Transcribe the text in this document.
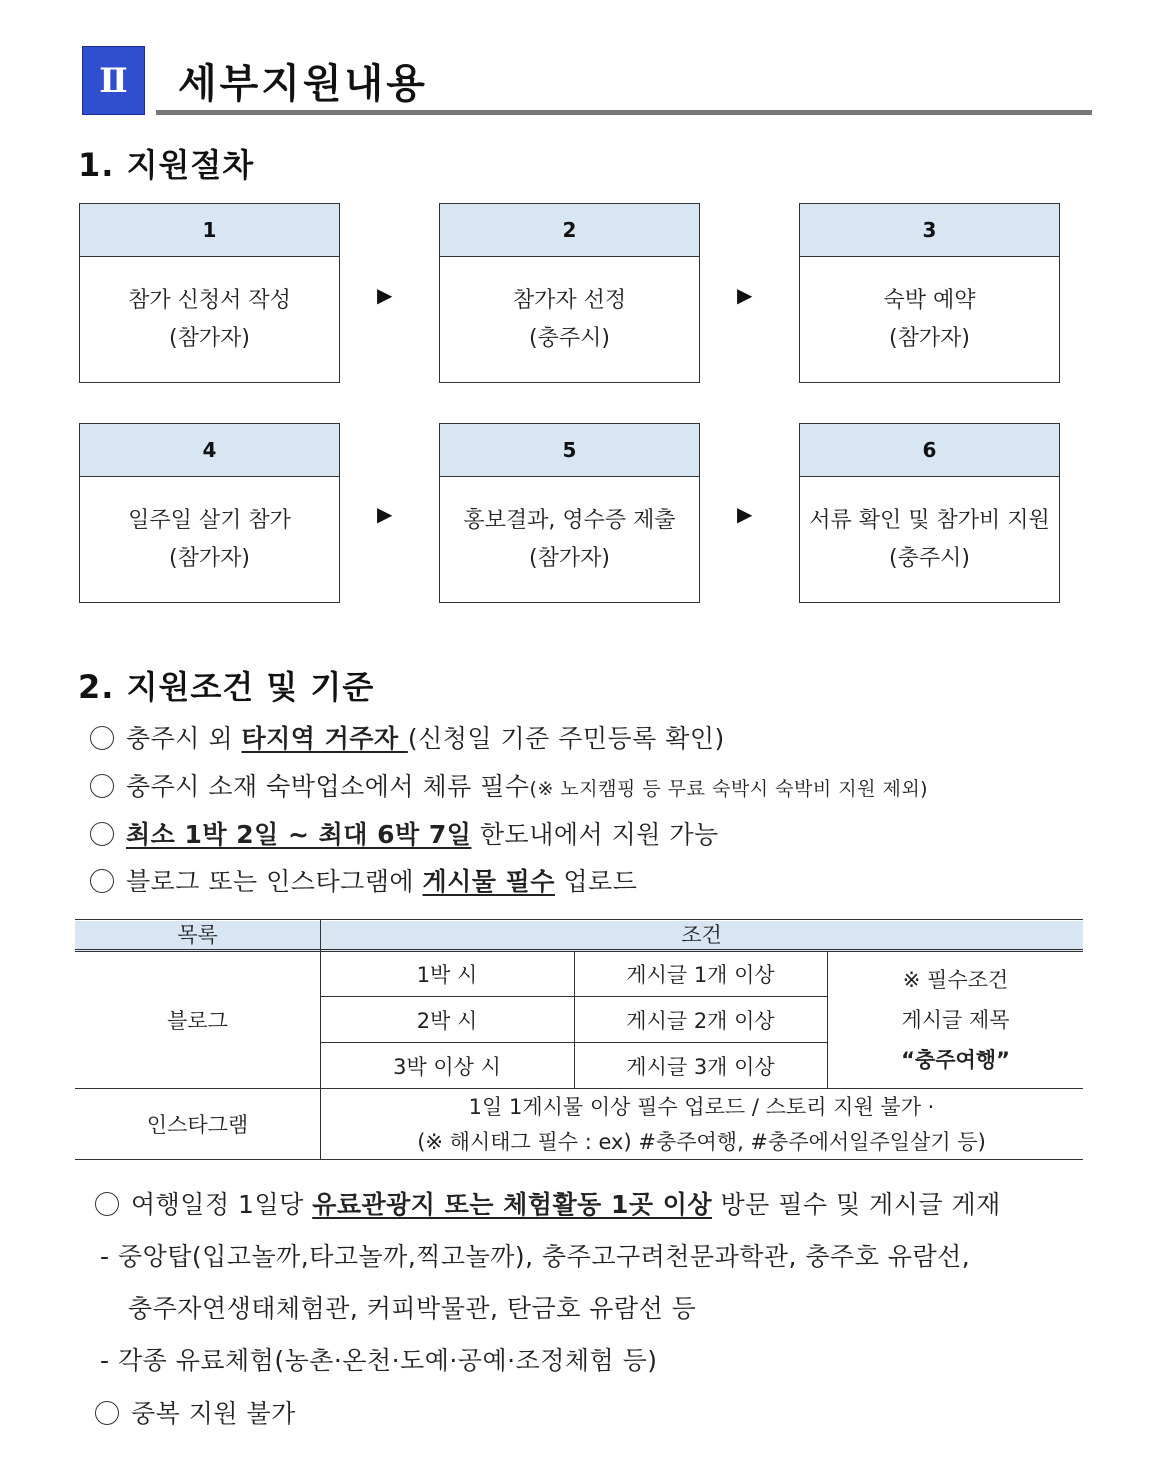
Ⅱ	세부지원내용
1. 지원절차
1
참가 신청서 작성
(참가자)
▶
2
참가자 선정
(충주시)
▶
3
숙박 예약
(참가자)
4
일주일 살기 참가
(참가자)
▶
5
홍보결과, 영수증 제출
(참가자)
▶
6
서류 확인 및 참가비 지원
(충주시)
2. 지원조건 및 기준
충주시 외 타지역 거주자 (신청일 기준 주민등록 확인)
충주시 소재 숙박업소에서 체류 필수(※ 노지캠핑 등 무료 숙박시 숙박비 지원 제외)
최소 1박 2일 ~ 최대 6박 7일 한도내에서 지원 가능
블로그 또는 인스타그램에 게시물 필수 업로드
목록	조건
블로그
1박 시	게시글 1개 이상
2박 시	게시글 2개 이상
3박 이상 시	게시글 3개 이상
※ 필수조건
게시글 제목
“충주여행”
인스타그램
1일 1게시물 이상 필수 업로드 / 스토리 지원 불가 ·
(※ 해시태그 필수 : ex) #충주여행, #충주에서일주일살기 등)
여행일정 1일당 유료관광지 또는 체험활동 1곳 이상 방문 필수 및 게시글 게재
- 중앙탑(입고놀까,타고놀까,찍고놀까), 충주고구려천문과학관, 충주호 유람선,
충주자연생태체험관, 커피박물관, 탄금호 유람선 등
- 각종 유료체험(농촌·온천·도예·공예·조정체험 등)
중복 지원 불가
